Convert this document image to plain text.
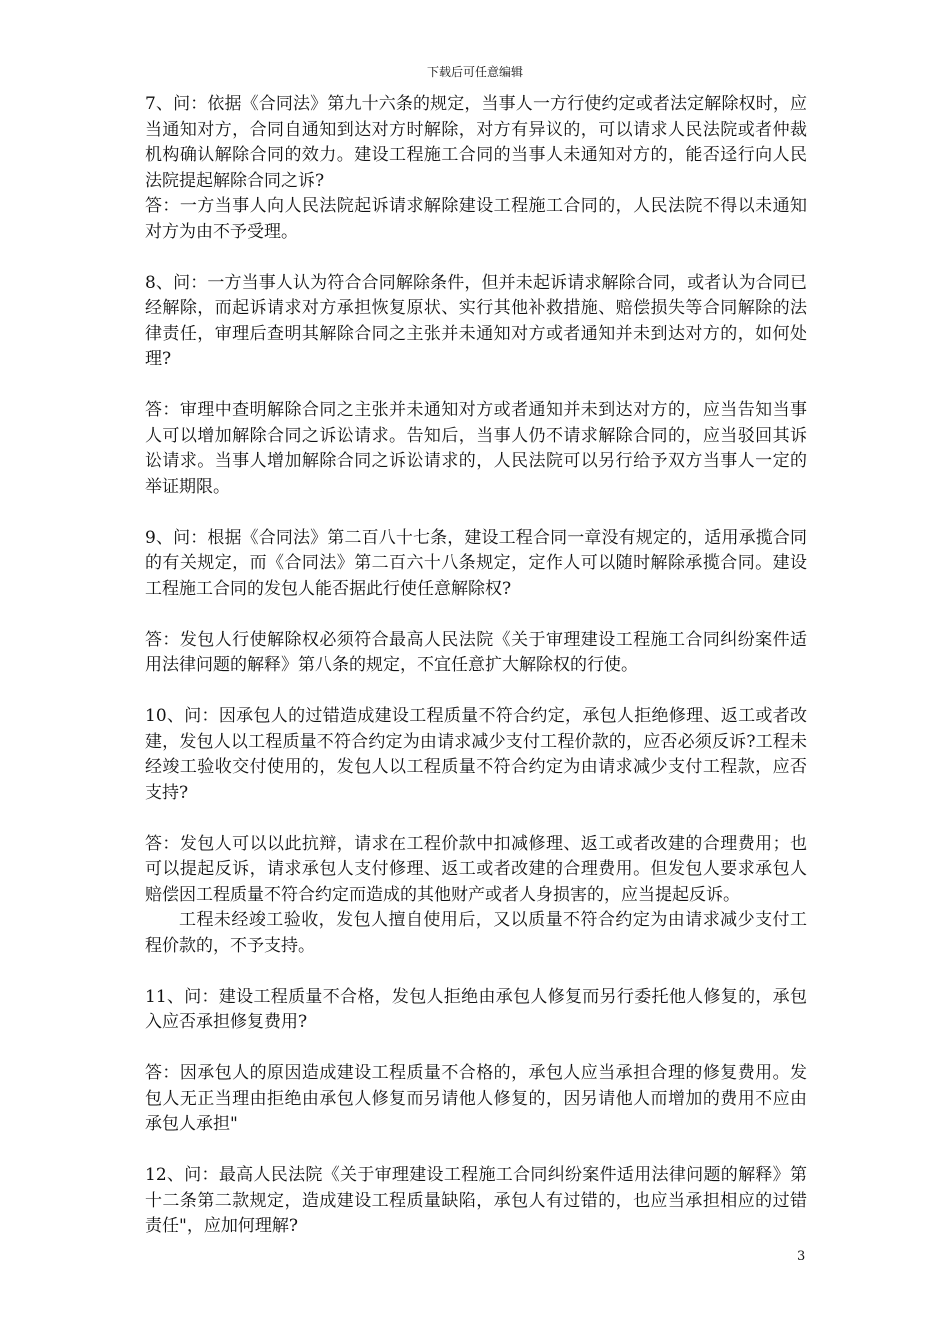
下载后可任意编辑

7、问：依据《合同法》第九十六条的规定，当事人一方行使约定或者法定解除权时，应当通知对方，合同自通知到达对方时解除，对方有异议的，可以请求人民法院或者仲裁机构确认解除合同的效力。建设工程施工合同的当事人未通知对方的，能否迳行向人民法院提起解除合同之诉?

答：一方当事人向人民法院起诉请求解除建设工程施工合同的，人民法院不得以未通知对方为由不予受理。

8、问：一方当事人认为符合合同解除条件，但并未起诉请求解除合同，或者认为合同已经解除，而起诉请求对方承担恢复原状、实行其他补救措施、赔偿损失等合同解除的法律责任，审理后查明其解除合同之主张并未通知对方或者通知并未到达对方的，如何处理?

答：审理中查明解除合同之主张并未通知对方或者通知并未到达对方的，应当告知当事人可以增加解除合同之诉讼请求。告知后，当事人仍不请求解除合同的，应当驳回其诉讼请求。当事人增加解除合同之诉讼请求的，人民法院可以另行给予双方当事人一定的举证期限。

9、问：根据《合同法》第二百八十七条，建设工程合同一章没有规定的，适用承揽合同的有关规定，而《合同法》第二百六十八条规定，定作人可以随时解除承揽合同。建设工程施工合同的发包人能否据此行使任意解除权?

答：发包人行使解除权必须符合最高人民法院《关于审理建设工程施工合同纠纷案件适用法律问题的解释》第八条的规定，不宜任意扩大解除权的行使。

10、问：因承包人的过错造成建设工程质量不符合约定，承包人拒绝修理、返工或者改建，发包人以工程质量不符合约定为由请求减少支付工程价款的，应否必须反诉?工程未经竣工验收交付使用的，发包人以工程质量不符合约定为由请求减少支付工程款，应否支持?

答：发包人可以以此抗辩，请求在工程价款中扣减修理、返工或者改建的合理费用；也可以提起反诉，请求承包人支付修理、返工或者改建的合理费用。但发包人要求承包人赔偿因工程质量不符合约定而造成的其他财产或者人身损害的，应当提起反诉。

工程未经竣工验收，发包人擅自使用后，又以质量不符合约定为由请求减少支付工程价款的，不予支持。

11、问：建设工程质量不合格，发包人拒绝由承包人修复而另行委托他人修复的，承包入应否承担修复费用?

答：因承包人的原因造成建设工程质量不合格的，承包人应当承担合理的修复费用。发包人无正当理由拒绝由承包人修复而另请他人修复的，因另请他人而增加的费用不应由承包人承担"

12、问：最高人民法院《关于审理建设工程施工合同纠纷案件适用法律问题的解释》第十二条第二款规定，造成建设工程质量缺陷，承包人有过错的，也应当承担相应的过错责任"，应加何理解?

3
